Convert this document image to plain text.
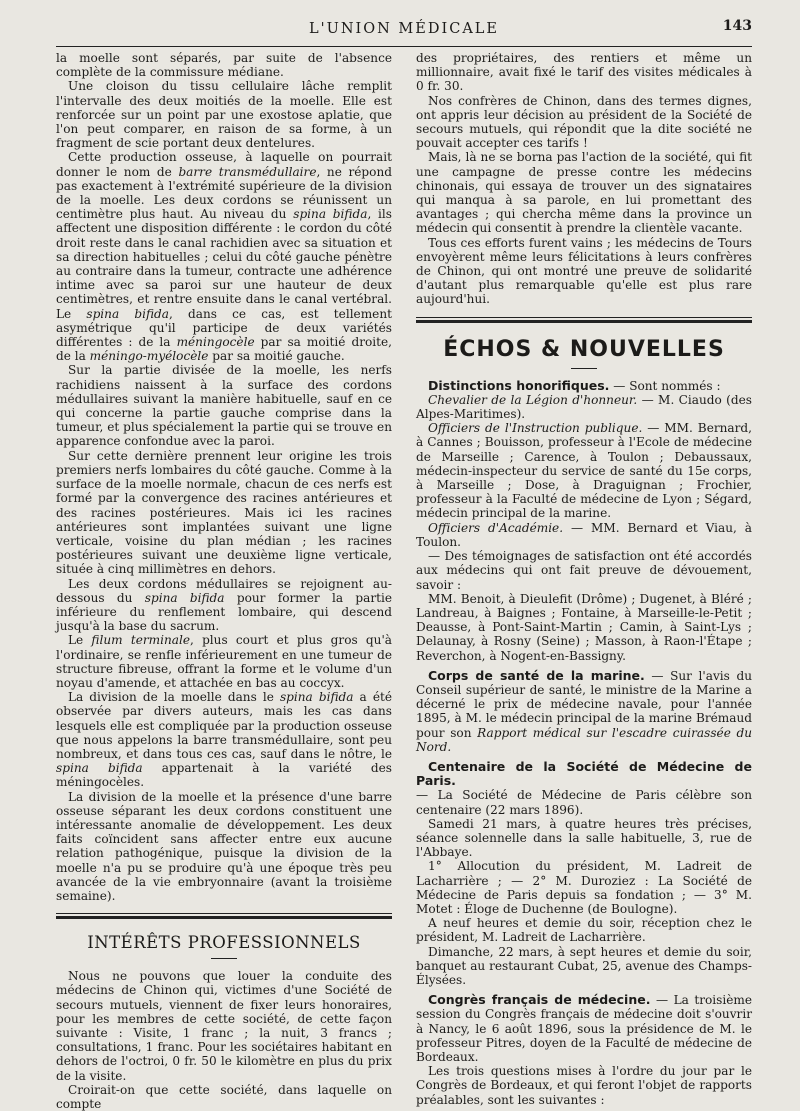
L'UNION MÉDICALE	143

la moelle sont séparés, par suite de l'absence complète de la commissure médiane.

Une cloison du tissu cellulaire lâche remplit l'intervalle des deux moitiés de la moelle. Elle est renforcée sur un point par une exostose aplatie, que l'on peut comparer, en raison de sa forme, à un fragment de scie portant deux dentelures.

Cette production osseuse, à laquelle on pourrait donner le nom de barre transmédullaire, ne répond pas exactement à l'extrémité supérieure de la division de la moelle. Les deux cordons se réunissent un centimètre plus haut. Au niveau du spina bifida, ils affectent une disposition différente : le cordon du côté droit reste dans le canal rachidien avec sa situation et sa direction habituelles ; celui du côté gauche pénètre au contraire dans la tumeur, contracte une adhérence intime avec sa paroi sur une hauteur de deux centimètres, et rentre ensuite dans le canal vertébral. Le spina bifida, dans ce cas, est tellement asymétrique qu'il participe de deux variétés différentes : de la méningocèle par sa moitié droite, de la méningo-myélocèle par sa moitié gauche.

Sur la partie divisée de la moelle, les nerfs rachidiens naissent à la surface des cordons médullaires suivant la manière habituelle, sauf en ce qui concerne la partie gauche comprise dans la tumeur, et plus spécialement la partie qui se trouve en apparence confondue avec la paroi.

Sur cette dernière prennent leur origine les trois premiers nerfs lombaires du côté gauche. Comme à la surface de la moelle normale, chacun de ces nerfs est formé par la convergence des racines antérieures et des racines postérieures. Mais ici les racines antérieures sont implantées suivant une ligne verticale, voisine du plan médian ; les racines postérieures suivant une deuxième ligne verticale, située à cinq millimètres en dehors.

Les deux cordons médullaires se rejoignent au-dessous du spina bifida pour former la partie inférieure du renflement lombaire, qui descend jusqu'à la base du sacrum.

Le filum terminale, plus court et plus gros qu'à l'ordinaire, se renfle inférieurement en une tumeur de structure fibreuse, offrant la forme et le volume d'un noyau d'amende, et attachée en bas au coccyx.

La division de la moelle dans le spina bifida a été observée par divers auteurs, mais les cas dans lesquels elle est compliquée par la production osseuse que nous appelons la barre transmédullaire, sont peu nombreux, et dans tous ces cas, sauf dans le nôtre, le spina bifida appartenait à la variété des méningocèles.

La division de la moelle et la présence d'une barre osseuse séparant les deux cordons constituent une intéressante anomalie de développement. Les deux faits coïncident sans affecter entre eux aucune relation pathogénique, puisque la division de la moelle n'a pu se produire qu'à une époque très peu avancée de la vie embryonnaire (avant la troisième semaine).

INTÉRÊTS PROFESSIONNELS

Nous ne pouvons que louer la conduite des médecins de Chinon qui, victimes d'une Société de secours mutuels, viennent de fixer leurs honoraires, pour les membres de cette société, de cette façon suivante : Visite, 1 franc ; la nuit, 3 francs ; consultations, 1 franc. Pour les sociétaires habitant en dehors de l'octroi, 0 fr. 50 le kilomètre en plus du prix de la visite.

Croirait-on que cette société, dans laquelle on compte

des propriétaires, des rentiers et même un millionnaire, avait fixé le tarif des visites médicales à 0 fr. 30.

Nos confrères de Chinon, dans des termes dignes, ont appris leur décision au président de la Société de secours mutuels, qui répondit que la dite société ne pouvait accepter ces tarifs !

Mais, là ne se borna pas l'action de la société, qui fit une campagne de presse contre les médecins chinonais, qui essaya de trouver un des signataires qui manqua à sa parole, en lui promettant des avantages ; qui chercha même dans la province un médecin qui consentit à prendre la clientèle vacante.

Tous ces efforts furent vains ; les médecins de Tours envoyèrent même leurs félicitations à leurs confrères de Chinon, qui ont montré une preuve de solidarité d'autant plus remarquable qu'elle est plus rare aujourd'hui.

ÉCHOS & NOUVELLES

Distinctions honorifiques. — Sont nommés :

Chevalier de la Légion d'honneur. — M. Ciaudo (des Alpes-Maritimes).

Officiers de l'Instruction publique. — MM. Bernard, à Cannes ; Bouisson, professeur à l'Ecole de médecine de Marseille ; Carence, à Toulon ; Debaussaux, médecin-inspecteur du service de santé du 15e corps, à Marseille ; Dose, à Draguignan ; Frochier, professeur à la Faculté de médecine de Lyon ; Ségard, médecin principal de la marine.

Officiers d'Académie. — MM. Bernard et Viau, à Toulon.

— Des témoignages de satisfaction ont été accordés aux médecins qui ont fait preuve de dévouement, savoir :

MM. Benoit, à Dieulefit (Drôme) ; Dugenet, à Bléré ; Landreau, à Baignes ; Fontaine, à Marseille-le-Petit ; Deausse, à Pont-Saint-Martin ; Camin, à Saint-Lys ; Delaunay, à Rosny (Seine) ; Masson, à Raon-l'Étape ; Reverchon, à Nogent-en-Bassigny.

Corps de santé de la marine. — Sur l'avis du Conseil supérieur de santé, le ministre de la Marine a décerné le prix de médecine navale, pour l'année 1895, à M. le médecin principal de la marine Brémaud pour son Rapport médical sur l'escadre cuirassée du Nord.

Centenaire de la Société de Médecine de Paris.

— La Société de Médecine de Paris célèbre son centenaire (22 mars 1896).

Samedi 21 mars, à quatre heures très précises, séance solennelle dans la salle habituelle, 3, rue de l'Abbaye.

1° Allocution du président, M. Ladreit de Lacharrière ; — 2° M. Duroziez : La Société de Médecine de Paris depuis sa fondation ; — 3° M. Motet : Éloge de Duchenne (de Boulogne).

A neuf heures et demie du soir, réception chez le président, M. Ladreit de Lacharrière.

Dimanche, 22 mars, à sept heures et demie du soir, banquet au restaurant Cubat, 25, avenue des Champs-Élysées.

Congrès français de médecine. — La troisième session du Congrès français de médecine doit s'ouvrir à Nancy, le 6 août 1896, sous la présidence de M. le professeur Pitres, doyen de la Faculté de médecine de Bordeaux.

Les trois questions mises à l'ordre du jour par le Congrès de Bordeaux, et qui feront l'objet de rapports préalables, sont les suivantes :
